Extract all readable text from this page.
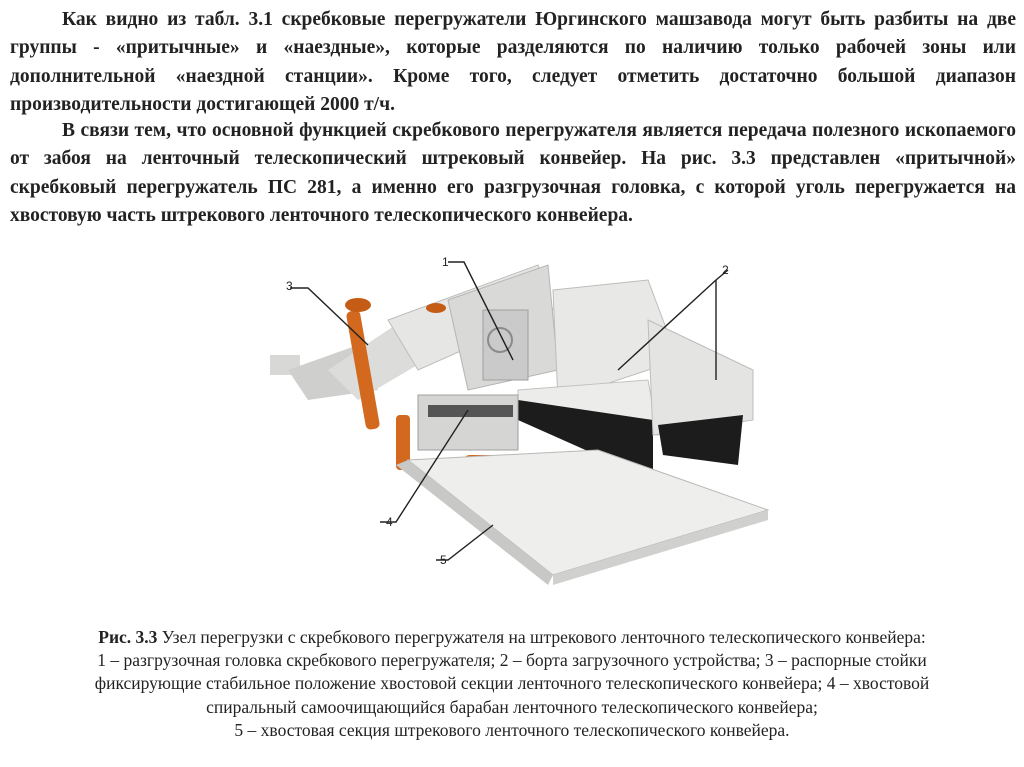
Как видно из табл. 3.1 скребковые перегружатели Юргинского машзавода могут быть разбиты на две группы - «притычные» и «наездные», которые разделяются по наличию только рабочей зоны или дополнительной «наездной станции». Кроме того, следует отметить достаточно большой диапазон производительности достигающей 2000 т/ч.

В связи тем, что основной функцией скребкового перегружателя является передача полезного ископаемого от забоя на ленточный телескопический штрековый конвейер. На рис. 3.3 представлен «притычной» скребковый перегружатель ПС 281, а именно его разгрузочная головка, с которой уголь перегружается на хвостовую часть штрекового ленточного телескопического конвейера.

1
2
3
4
5
Рис. 3.3 Узел перегрузки с скребкового перегружателя на штрекового ленточного телескопического конвейера:
1 – разгрузочная головка скребкового перегружателя; 2 – борта загрузочного устройства; 3 – распорные стойки
фиксирующие стабильное положение хвостовой секции ленточного телескопического конвейера; 4 – хвостовой
спиральный самоочищающийся барабан ленточного телескопического конвейера;
5 – хвостовая секция штрекового ленточного телескопического конвейера.
